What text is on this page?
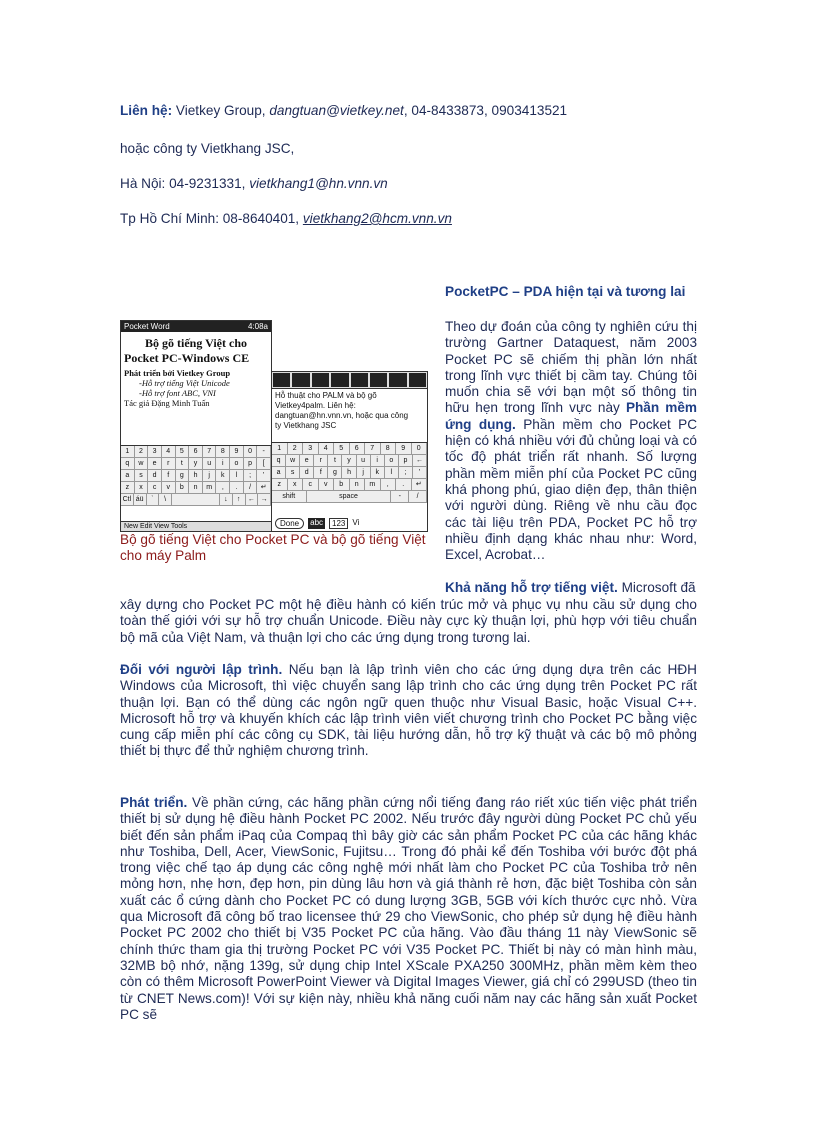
Liên hệ: Vietkey Group, dangtuan@vietkey.net, 04-8433873, 0903413521

hoặc công ty Vietkhang JSC,

Hà Nội: 04-9231331, vietkhang1@hn.vnn.vn

Tp Hồ Chí Minh: 08-8640401, vietkhang2@hcm.vnn.vn

Pocket Word	4:08a
Bộ gõ tiếng Việt cho
Pocket PC-Windows CE
Phát triển bởi Vietkey Group
-Hỗ trợ tiếng Việt Unicode
-Hỗ trợ font ABC, VNI
Tác giả Đặng Minh Tuấn
1	2	3	4	5	6	7	8	9	0	-
q	w	e	r	t	y	u	i	o	p	[
a	s	d	f	g	h	j	k	l	;	'
z	x	c	v	b	n	m	,	.	/	↵
Ctl áü	`	\	↓	↑	← →
New Edit View Tools
Hỗ thuật cho PALM và bộ gõ
Vietkey4palm. Liên hệ:
dangtuan@hn.vnn.vn, hoặc qua công
ty Vietkhang JSC
1	2	3	4	5	6	7	8	9	0
q	w	e	r	t	y	u	i	o	p	←
a	s	d	f	g	h	j	k	l	;	'
z	x	c	v	b	n	m	,	.	↵
shift	space	-	/
Done	abc	123 Vi

Bộ gõ tiếng Việt cho Pocket PC và bộ gõ tiếng Việt cho máy Palm

PocketPC – PDA hiện tại và tương lai

Theo dự đoán của công ty nghiên cứu thị trường Gartner Dataquest, năm 2003 Pocket PC sẽ chiếm thị phần lớn nhất trong lĩnh vực thiết bị cầm tay. Chúng tôi muốn chia sẽ với bạn một số thông tin hữu hẹn trong lĩnh vực này Phần mềm ứng dụng. Phần mềm cho Pocket PC hiện có khá nhiều với đủ chủng loại và có tốc độ phát triển rất nhanh. Số lượng phần mềm miễn phí của Pocket PC cũng khá phong phú, giao diện đẹp, thân thiện với người dùng. Riêng về nhu cầu đọc các tài liệu trên PDA, Pocket PC hỗ trợ nhiều định dạng khác nhau như: Word, Excel, Acrobat…

Khả năng hỗ trợ tiếng việt. Microsoft đã

xây dựng cho Pocket PC một hệ điều hành có kiến trúc mở và phục vụ nhu cầu sử dụng cho toàn thế giới với sự hỗ trợ chuẩn Unicode. Điều này cực kỳ thuận lợi, phù hợp với tiêu chuẩn bộ mã của Việt Nam, và thuận lợi cho các ứng dụng trong tương lai.

Đối với người lập trình. Nếu bạn là lập trình viên cho các ứng dụng dựa trên các HĐH Windows của Microsoft, thì việc chuyển sang lập trình cho các ứng dụng trên Pocket PC rất thuận lợi. Bạn có thể dùng các ngôn ngữ quen thuộc như Visual Basic, hoặc Visual C++. Microsoft hỗ trợ và khuyến khích các lập trình viên viết chương trình cho Pocket PC bằng việc cung cấp miễn phí các công cụ SDK, tài liệu hướng dẫn, hỗ trợ kỹ thuật và các bộ mô phỏng thiết bị thực để thử nghiệm chương trình.

Phát triển. Về phần cứng, các hãng phần cứng nổi tiếng đang ráo riết xúc tiến việc phát triển thiết bị sử dụng hệ điều hành Pocket PC 2002. Nếu trước đây người dùng Pocket PC chủ yếu biết đến sản phẩm iPaq của Compaq thì bây giờ các sản phẩm Pocket PC của các hãng khác như Toshiba, Dell, Acer, ViewSonic, Fujitsu… Trong đó phải kể đến Toshiba với bước đột phá trong việc chế tạo áp dụng các công nghệ mới nhất làm cho Pocket PC của Toshiba trở nên mỏng hơn, nhẹ hơn, đẹp hơn, pin dùng lâu hơn và giá thành rẻ hơn, đặc biệt Toshiba còn sản xuất các ổ cứng dành cho Pocket PC có dung lượng 3GB, 5GB với kích thước cực nhỏ. Vừa qua Microsoft đã công bố trao licensee thứ 29 cho ViewSonic, cho phép sử dụng hệ điều hành Pocket PC 2002 cho thiết bị V35 Pocket PC của hãng. Vào đầu tháng 11 này ViewSonic sẽ chính thức tham gia thị trường Pocket PC với V35 Pocket PC. Thiết bị này có màn hình màu, 32MB bộ nhớ, nặng 139g, sử dụng chip Intel XScale PXA250 300MHz, phần mềm kèm theo còn có thêm Microsoft PowerPoint Viewer và Digital Images Viewer, giá chỉ có 299USD (theo tin từ CNET News.com)! Với sự kiện này, nhiều khả năng cuối năm nay các hãng sản xuất Pocket PC sẽ
